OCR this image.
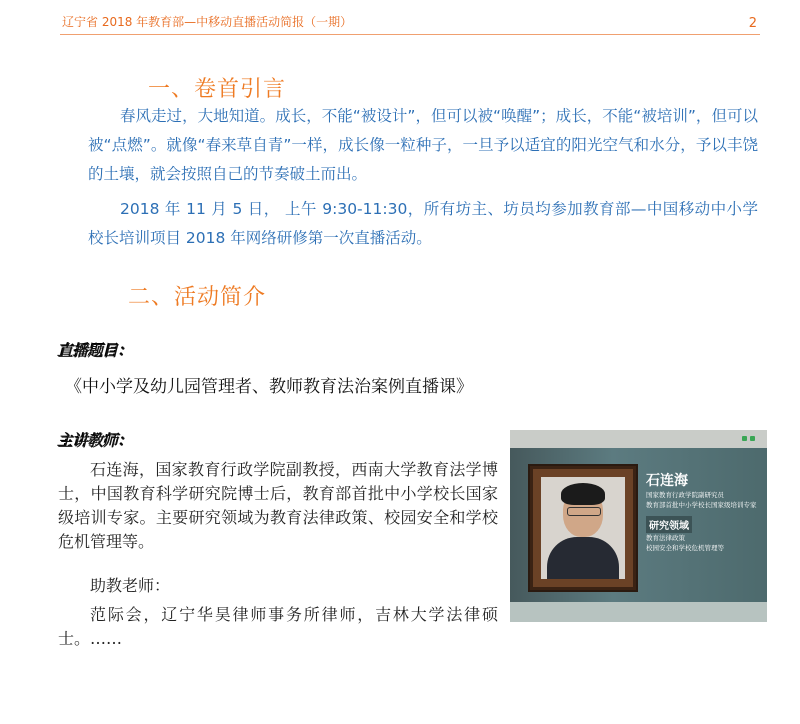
辽宁省 2018 年教育部—中移动直播活动简报（一期）	2
一、卷首引言

春风走过，大地知道。成长，不能“被设计”，但可以被“唤醒”；成长，不能“被培训”，但可以被“点燃”。就像“春来草自青”一样，成长像一粒种子，一旦予以适宜的阳光空气和水分，予以丰饶的土壤，就会按照自己的节奏破土而出。

2018 年 11 月 5 日， 上午 9:30-11:30，所有坊主、坊员均参加教育部—中国移动中小学校长培训项目 2018 年网络研修第一次直播活动。

二、活动简介
直播题目：
《中小学及幼儿园管理者、教师教育法治案例直播课》
主讲教师：

石连海，国家教育行政学院副教授，西南大学教育法学博士，中国教育科学研究院博士后，教育部首批中小学校长国家级培训专家。主要研究领域为教育法律政策、校园安全和学校危机管理等。

助教老师：

范际会，辽宁华昊律师事务所律师，吉林大学法律硕士。……

石连海
国家教育行政学院副研究员
教育部首批中小学校长国家级培训专家
研究领域
教育法律政策
校园安全和学校危机管理等
